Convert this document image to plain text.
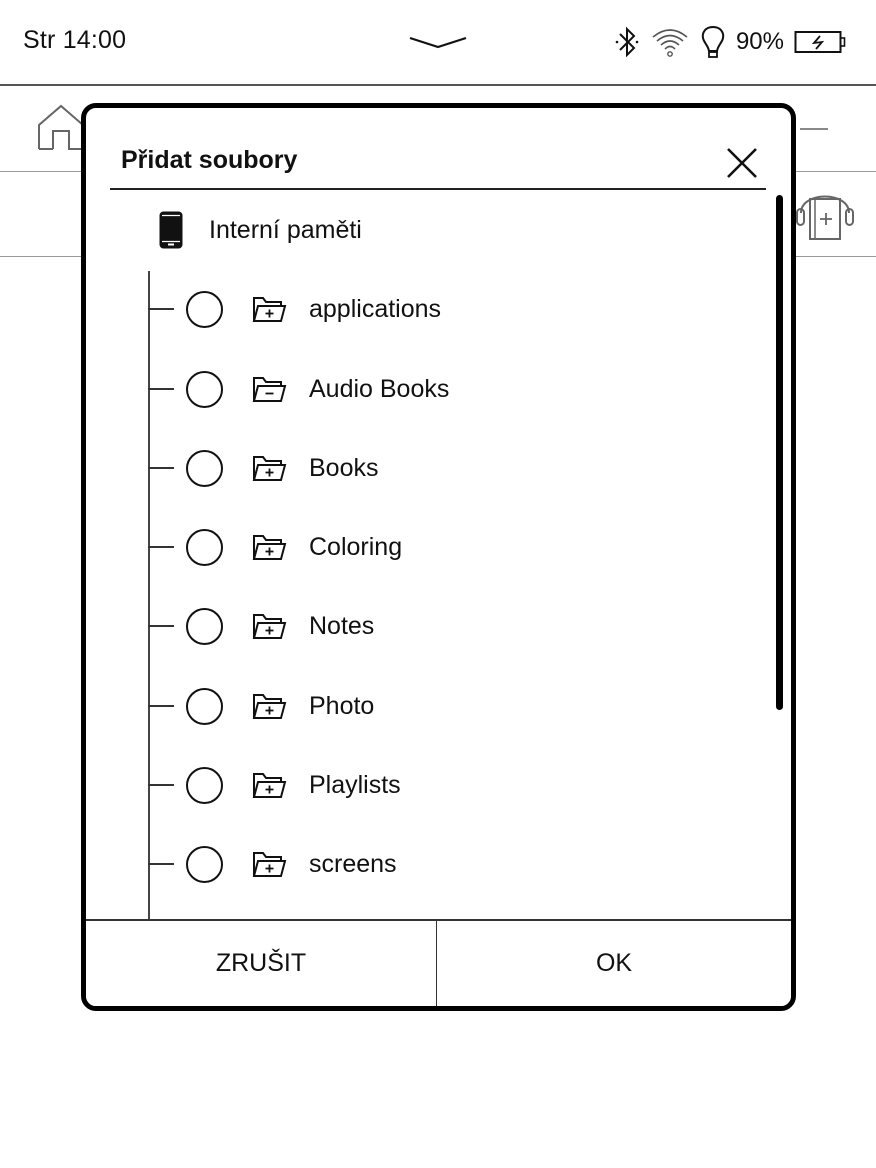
Str 14:00	90%
Přidat soubory
Interní paměti
applications
Audio Books
Books
Coloring
Notes
Photo
Playlists
screens
ZRUŠIT	OK
